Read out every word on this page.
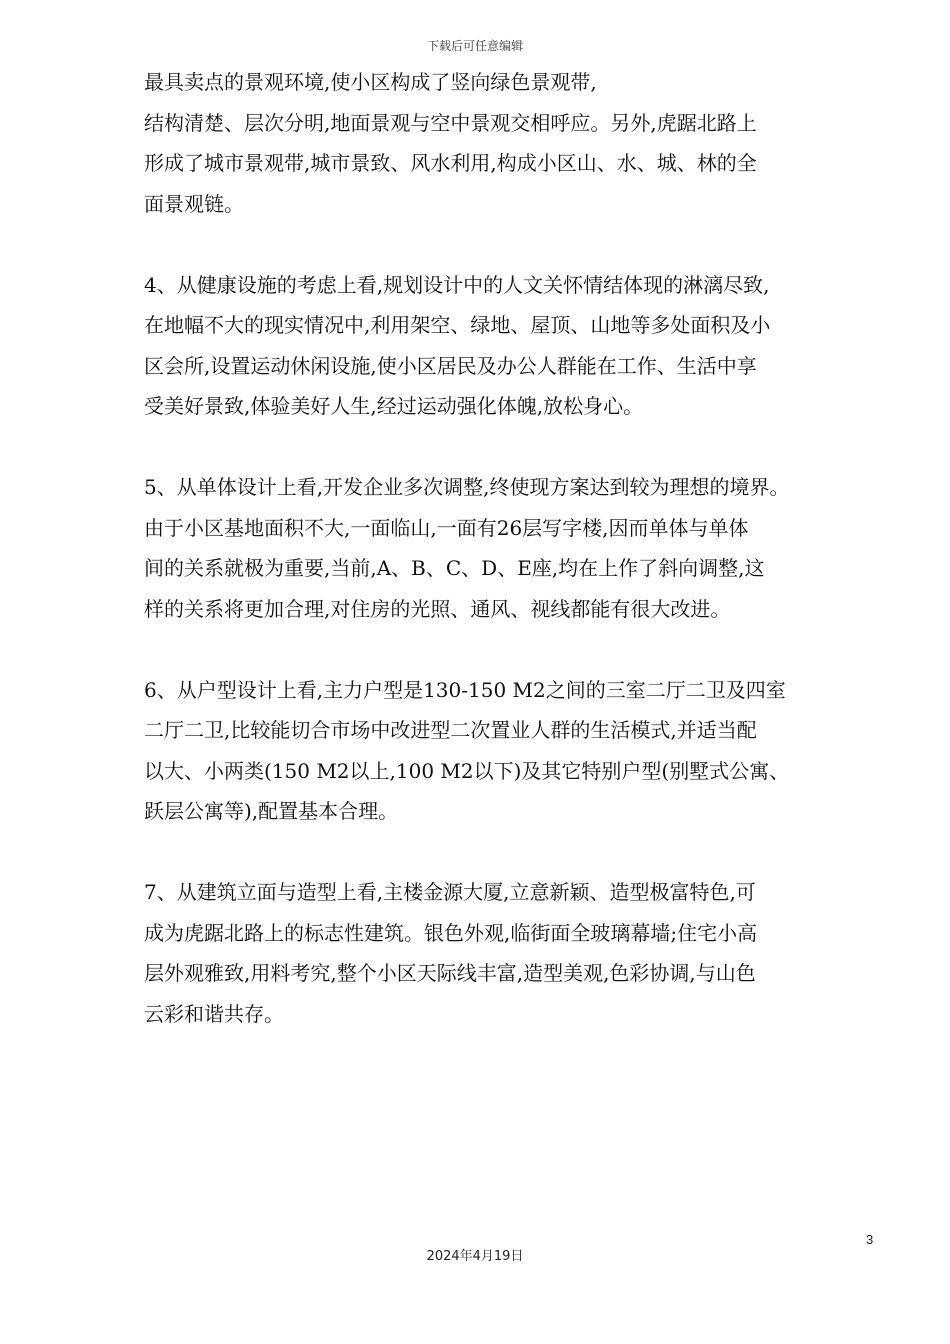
下载后可任意编辑
最具卖点的景观环境,使小区构成了竖向绿色景观带,
结构清楚、层次分明,地面景观与空中景观交相呼应。另外,虎踞北路上
形成了城市景观带,城市景致、风水利用,构成小区山、水、城、林的全
面景观链。
4、从健康设施的考虑上看,规划设计中的人文关怀情结体现的淋漓尽致,
在地幅不大的现实情况中,利用架空、绿地、屋顶、山地等多处面积及小
区会所,设置运动休闲设施,使小区居民及办公人群能在工作、生活中享
受美好景致,体验美好人生,经过运动强化体魄,放松身心。
5、从单体设计上看,开发企业多次调整,终使现方案达到较为理想的境界。
由于小区基地面积不大,一面临山,一面有26层写字楼,因而单体与单体
间的关系就极为重要,当前,A、B、C、D、E座,均在上作了斜向调整,这
样的关系将更加合理,对住房的光照、通风、视线都能有很大改进。
6、从户型设计上看,主力户型是130-150 M2之间的三室二厅二卫及四室
二厅二卫,比较能切合市场中改进型二次置业人群的生活模式,并适当配
以大、小两类(150 M2以上,100 M2以下)及其它特别户型(别墅式公寓、
跃层公寓等),配置基本合理。
7、从建筑立面与造型上看,主楼金源大厦,立意新颖、造型极富特色,可
成为虎踞北路上的标志性建筑。银色外观,临街面全玻璃幕墙;住宅小高
层外观雅致,用料考究,整个小区天际线丰富,造型美观,色彩协调,与山色
云彩和谐共存。
3
2024年4月19日
